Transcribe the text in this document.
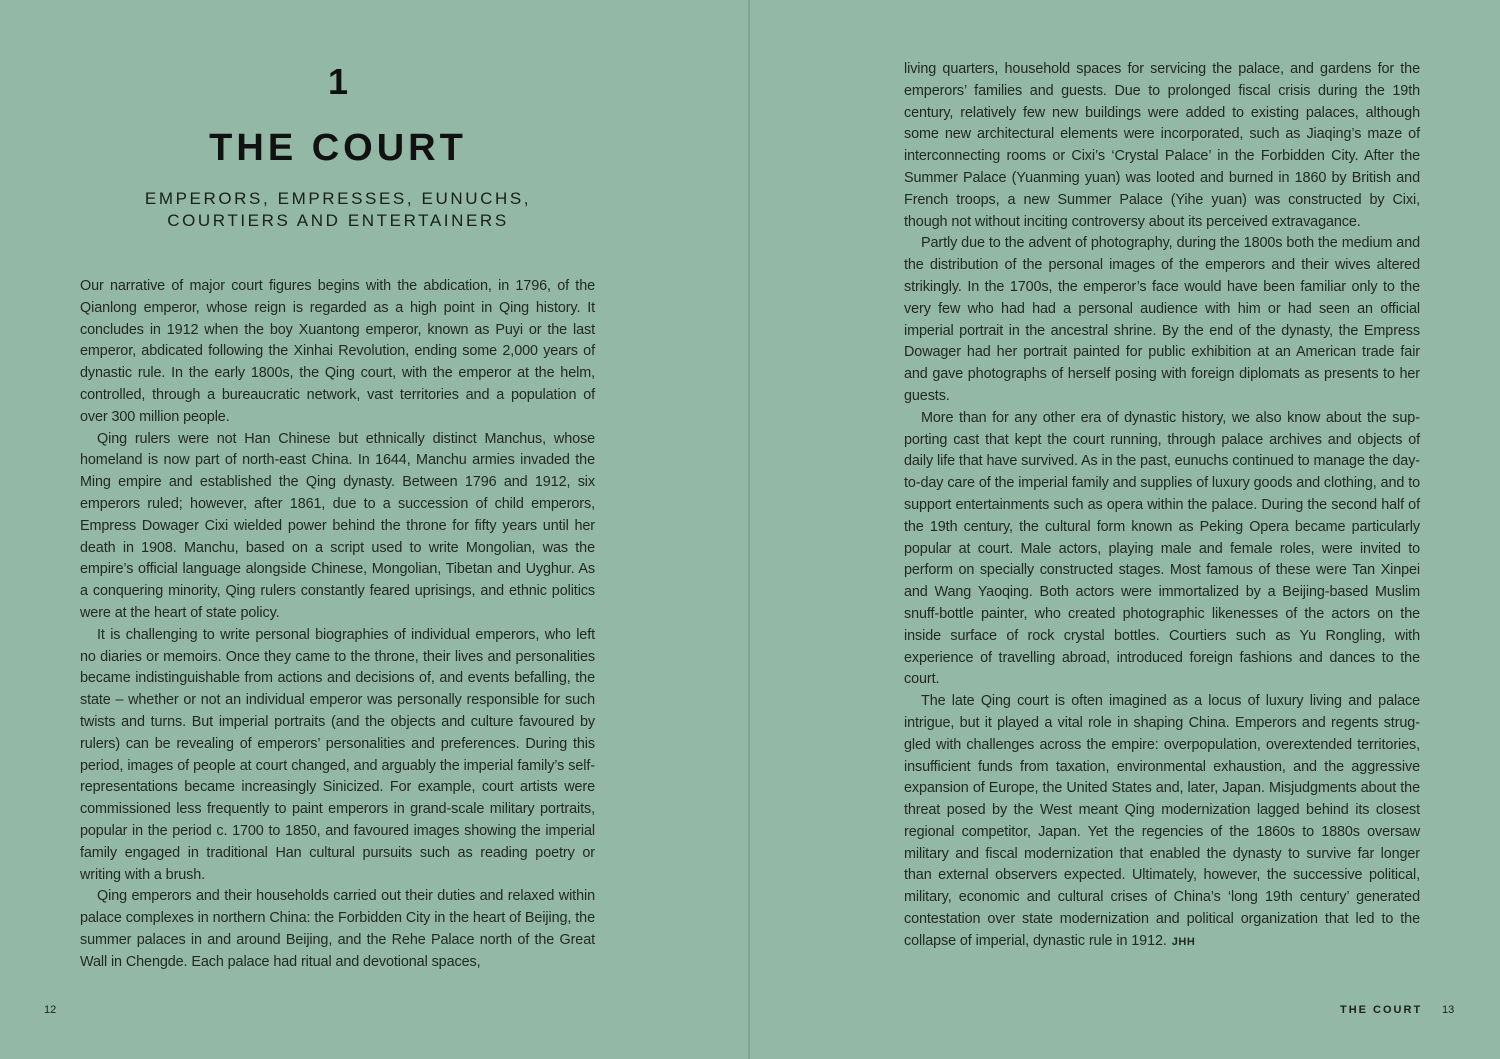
1
THE COURT
EMPERORS, EMPRESSES, EUNUCHS,
COURTIERS AND ENTERTAINERS

Our narrative of major court figures begins with the abdication, in 1796, of the Qianlong emperor, whose reign is regarded as a high point in Qing history. It concludes in 1912 when the boy Xuantong emperor, known as Puyi or the last emperor, abdicated following the Xinhai Revolution, ending some 2,000 years of dynastic rule. In the early 1800s, the Qing court, with the emperor at the helm, controlled, through a bureaucratic network, vast territories and a population of over 300 million people.

Qing rulers were not Han Chinese but ethnically distinct Manchus, whose homeland is now part of north-east China. In 1644, Manchu armies invaded the Ming empire and established the Qing dynasty. Between 1796 and 1912, six emperors ruled; however, after 1861, due to a succession of child emperors, Empress Dowager Cixi wielded power behind the throne for fifty years until her death in 1908. Manchu, based on a script used to write Mongolian, was the empire’s official language alongside Chinese, Mongolian, Tibetan and Uyghur. As a conquering minority, Qing rulers constantly feared uprisings, and ethnic politics were at the heart of state policy.

It is challenging to write personal biographies of individual emperors, who left no diaries or memoirs. Once they came to the throne, their lives and personalities became indistinguishable from actions and decisions of, and events befalling, the state – whether or not an individual emperor was personally responsible for such twists and turns. But imperial portraits (and the objects and culture favoured by rulers) can be revealing of emperors’ personalities and preferences. During this period, images of people at court changed, and arguably the imperial family’s self-representations became increasingly Sinicized. For example, court artists were commissioned less frequently to paint emperors in grand-scale military portraits, popular in the period c. 1700 to 1850, and favoured images showing the imperial family engaged in traditional Han cultural pursuits such as reading poetry or writing with a brush.

Qing emperors and their households carried out their duties and relaxed within palace complexes in northern China: the Forbidden City in the heart of Beijing, the summer palaces in and around Beijing, and the Rehe Palace north of the Great Wall in Chengde. Each palace had ritual and devotional spaces,

12

living quarters, household spaces for servicing the palace, and gardens for the emperors’ families and guests. Due to prolonged fiscal crisis during the 19th century, relatively few new buildings were added to existing palaces, although some new architectural elements were incorporated, such as Jiaqing’s maze of interconnecting rooms or Cixi’s ‘Crystal Palace’ in the Forbidden City. After the Summer Palace (Yuanming yuan) was looted and burned in 1860 by British and French troops, a new Summer Palace (Yihe yuan) was constructed by Cixi, though not without inciting controversy about its perceived extravagance.

Partly due to the advent of photography, during the 1800s both the medium and the distribution of the personal images of the emperors and their wives altered strikingly. In the 1700s, the emperor’s face would have been familiar only to the very few who had had a personal audience with him or had seen an official imperial portrait in the ancestral shrine. By the end of the dynasty, the Empress Dowager had her portrait painted for public exhibition at an American trade fair and gave photographs of herself posing with foreign diplomats as presents to her guests.

More than for any other era of dynastic history, we also know about the supporting cast that kept the court running, through palace archives and objects of daily life that have survived. As in the past, eunuchs continued to manage the day-to-day care of the imperial family and supplies of luxury goods and clothing, and to support entertainments such as opera within the palace. During the second half of the 19th century, the cultural form known as Peking Opera became particularly popular at court. Male actors, playing male and female roles, were invited to perform on specially constructed stages. Most famous of these were Tan Xinpei and Wang Yaoqing. Both actors were immortalized by a Beijing-based Muslim snuff-bottle painter, who created photographic likenesses of the actors on the inside surface of rock crystal bottles. Courtiers such as Yu Rongling, with experience of travelling abroad, introduced foreign fashions and dances to the court.

The late Qing court is often imagined as a locus of luxury living and palace intrigue, but it played a vital role in shaping China. Emperors and regents struggled with challenges across the empire: overpopulation, overextended territories, insufficient funds from taxation, environmental exhaustion, and the aggressive expansion of Europe, the United States and, later, Japan. Misjudgments about the threat posed by the West meant Qing modernization lagged behind its closest regional competitor, Japan. Yet the regencies of the 1860s to 1880s oversaw military and fiscal modernization that enabled the dynasty to survive far longer than external observers expected. Ultimately, however, the successive political, military, economic and cultural crises of China’s ‘long 19th century’ generated contestation over state modernization and political organization that led to the collapse of imperial, dynastic rule in 1912. JHH

THE COURT 13
